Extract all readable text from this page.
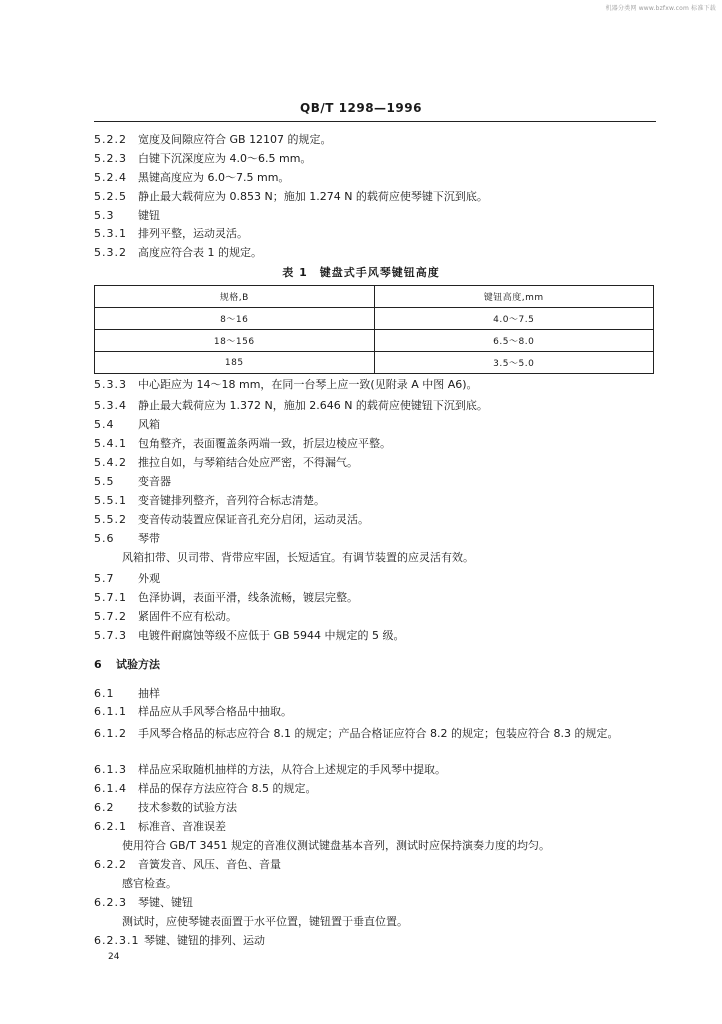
机器分类网 www.bzfxw.com 标准下载
QB/T 1298—1996
5.2.2 宽度及间隙应符合 GB 12107 的规定。
5.2.3 白键下沉深度应为 4.0～6.5 mm。
5.2.4 黑键高度应为 6.0～7.5 mm。
5.2.5 静止最大载荷应为 0.853 N；施加 1.274 N 的载荷应使琴键下沉到底。
5.3 键钮
5.3.1 排列平整，运动灵活。
5.3.2 高度应符合表 1 的规定。
表 1　键盘式手风琴键钮高度
规格,B	键钮高度,mm
8～16	4.0～7.5
18～156	6.5～8.0
185	3.5～5.0
5.3.3 中心距应为 14～18 mm，在同一台琴上应一致(见附录 A 中图 A6)。
5.3.4 静止最大载荷应为 1.372 N，施加 2.646 N 的载荷应使键钮下沉到底。
5.4 风箱
5.4.1 包角整齐，表面覆盖条两端一致，折层边棱应平整。
5.4.2 推拉自如，与琴箱结合处应严密，不得漏气。
5.5 变音器
5.5.1 变音键排列整齐，音列符合标志清楚。
5.5.2 变音传动装置应保证音孔充分启闭，运动灵活。
5.6 琴带
风箱扣带、贝司带、背带应牢固，长短适宜。有调节装置的应灵活有效。
5.7 外观
5.7.1 色泽协调，表面平滑，线条流畅，镀层完整。
5.7.2 紧固件不应有松动。
5.7.3 电镀件耐腐蚀等级不应低于 GB 5944 中规定的 5 级。
6 试验方法
6.1 抽样
6.1.1 样品应从手风琴合格品中抽取。
6.1.2 手风琴合格品的标志应符合 8.1 的规定；产品合格证应符合 8.2 的规定；包装应符合 8.3 的规定。
6.1.3 样品应采取随机抽样的方法，从符合上述规定的手风琴中提取。
6.1.4 样品的保存方法应符合 8.5 的规定。
6.2 技术参数的试验方法
6.2.1 标准音、音准误差
使用符合 GB/T 3451 规定的音准仪测试键盘基本音列，测试时应保持演奏力度的均匀。
6.2.2 音簧发音、风压、音色、音量
感官检查。
6.2.3 琴键、键钮
测试时，应使琴键表面置于水平位置，键钮置于垂直位置。
6.2.3.1 琴键、键钮的排列、运动
24
